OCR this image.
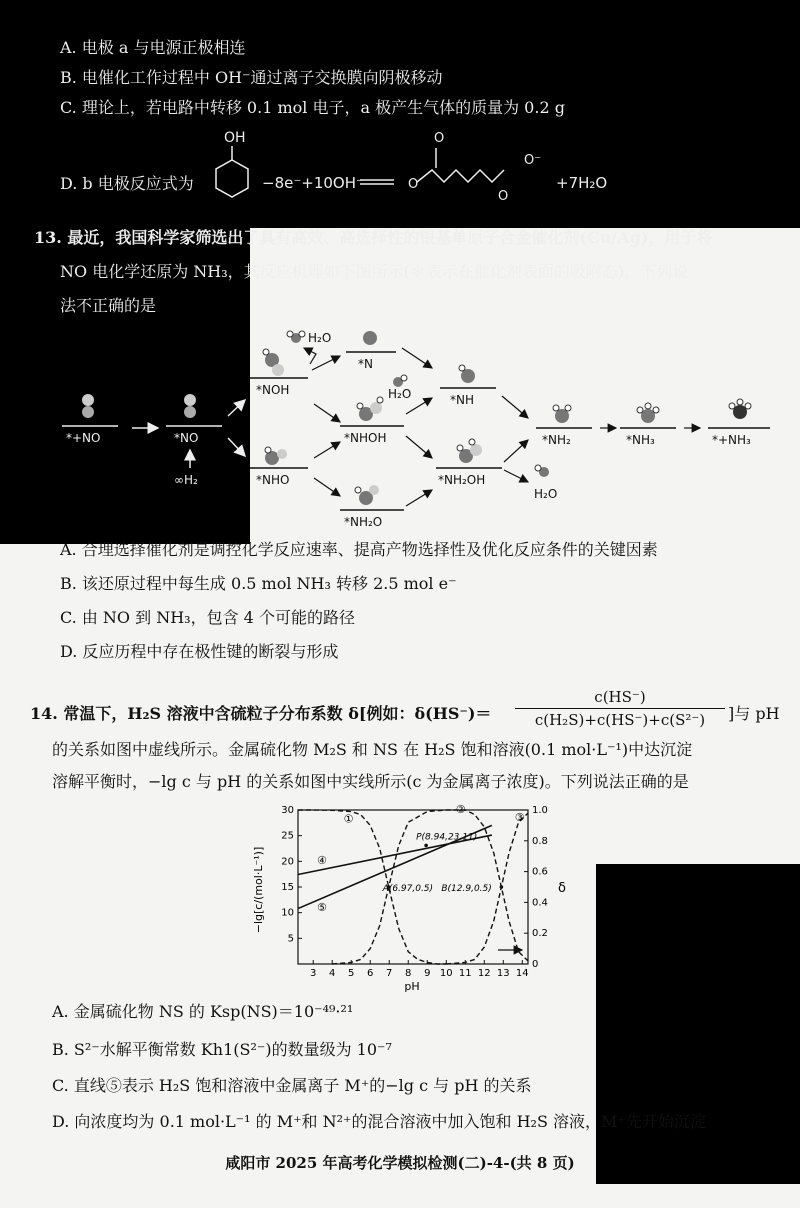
A. 电极 a 与电源正极相连
B. 电催化工作过程中 OH⁻通过离子交换膜向阴极移动
C. 理论上，若电路中转移 0.1 mol 电子，a 极产生气体的质量为 0.2 g
D. b 电极反应式为
OH
−8e⁻+10OH⁻	O
O
O
O⁻
+7H₂O
13. 最近，我国科学家筛选出了具有高效、高选择性的银基单原子合金催化剂(Cu/Ag)，用于将
NO 电化学还原为 NH₃，其反应机理如下图所示(＊表示在催化剂表面的吸附态)，下列说
法不正确的是
*+NO	*NO
∞H₂
*NOH
*NHO
H₂O
*N
*NHOH
H₂O
*NH₂O
*NH
*NH₂OH
H₂O
*NH₂	*NH₃	*+NH₃
A. 合理选择催化剂是调控化学反应速率、提高产物选择性及优化反应条件的关键因素
B. 该还原过程中每生成 0.5 mol NH₃ 转移 2.5 mol e⁻
C. 由 NO 到 NH₃，包含 4 个可能的路径
D. 反应历程中存在极性键的断裂与形成
14. 常温下，H₂S 溶液中含硫粒子分布系数 δ[例如：$\delta(HS^-)= \frac{c(HS^-)}{\text{c(H₂S)+c(HS⁻)+c(S²⁻)}}$ ]与 pH
的关系如图中虚线所示。金属硫化物 M₂S 和 NS 在 H₂S 饱和溶液(0.1 mol·L⁻¹)中达沉淀
溶解平衡时，−lg c 与 pH 的关系如图中实线所示(c 为金属离子浓度)。下列说法正确的是
3 4 5 6 7 8 9 10 11 12 13 14
5
10
15
20
25
30
0
0.2
0.4
0.6
0.8
1.0
①
②
③
④
⑤
P(8.94,23.11)
A(6.97,0.5) B(12.9,0.5)
pH
−lg[c/(mol·L⁻¹)]	δ
A. 金属硫化物 NS 的 Ksp(NS)＝10⁻⁴⁹·²¹
B. S²⁻水解平衡常数 Kh1(S²⁻)的数量级为 10⁻⁷
C. 直线⑤表示 H₂S 饱和溶液中金属离子 M⁺的−lg c 与 pH 的关系
D. 向浓度均为 0.1 mol·L⁻¹ 的 M⁺和 N²⁺的混合溶液中加入饱和 H₂S 溶液，M⁺先开始沉淀
咸阳市 2025 年高考化学模拟检测(二)-4-(共 8 页)
